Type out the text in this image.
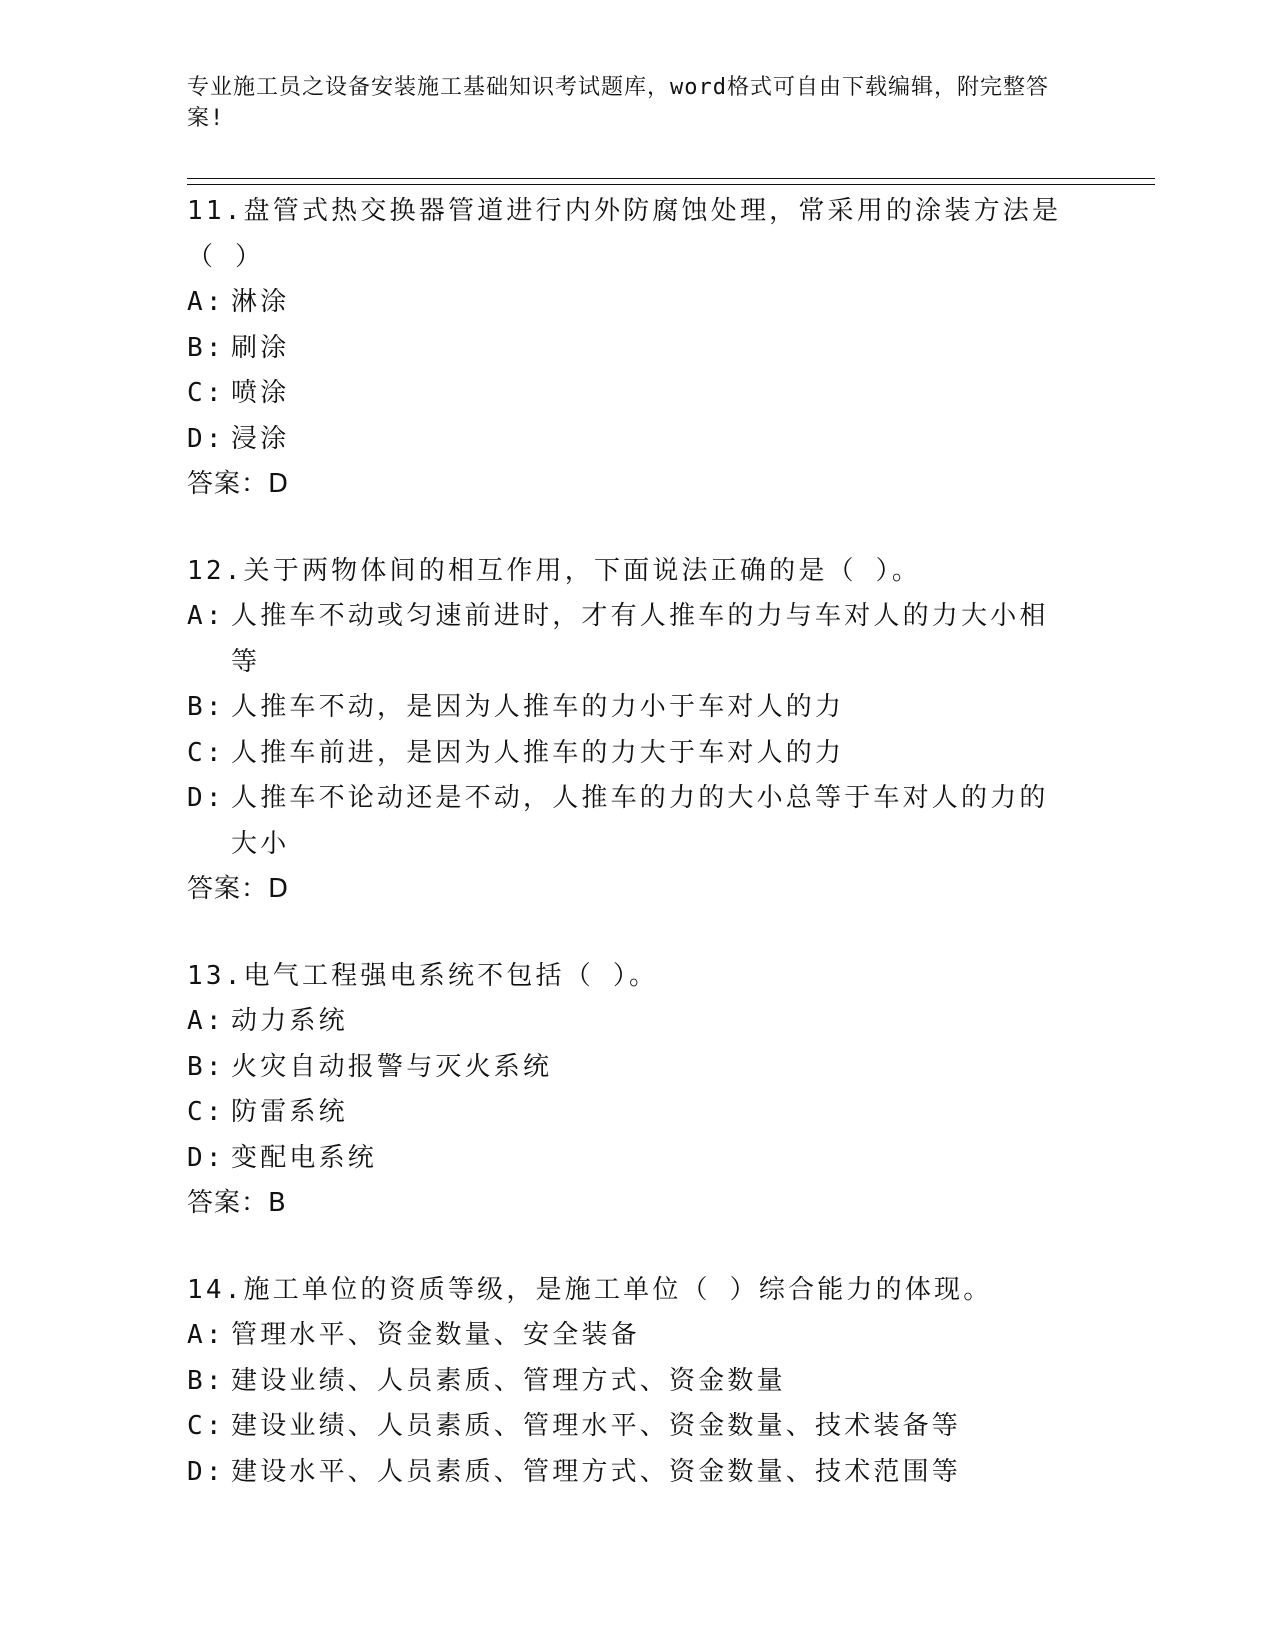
专业施工员之设备安装施工基础知识考试题库，word格式可自由下载编辑，附完整答案!
11.盘管式热交换器管道进行内外防腐蚀处理，常采用的涂装方法是（ ）
A: 淋涂
B: 刷涂
C: 喷涂
D: 浸涂
答案：D
12.关于两物体间的相互作用，下面说法正确的是（ ）。
A: 人推车不动或匀速前进时，才有人推车的力与车对人的力大小相等
B: 人推车不动，是因为人推车的力小于车对人的力
C: 人推车前进，是因为人推车的力大于车对人的力
D: 人推车不论动还是不动，人推车的力的大小总等于车对人的力的大小
答案：D
13.电气工程强电系统不包括（ ）。
A: 动力系统
B: 火灾自动报警与灭火系统
C: 防雷系统
D: 变配电系统
答案：B
14.施工单位的资质等级，是施工单位（ ）综合能力的体现。
A: 管理水平、资金数量、安全装备
B: 建设业绩、人员素质、管理方式、资金数量
C: 建设业绩、人员素质、管理水平、资金数量、技术装备等
D: 建设水平、人员素质、管理方式、资金数量、技术范围等
